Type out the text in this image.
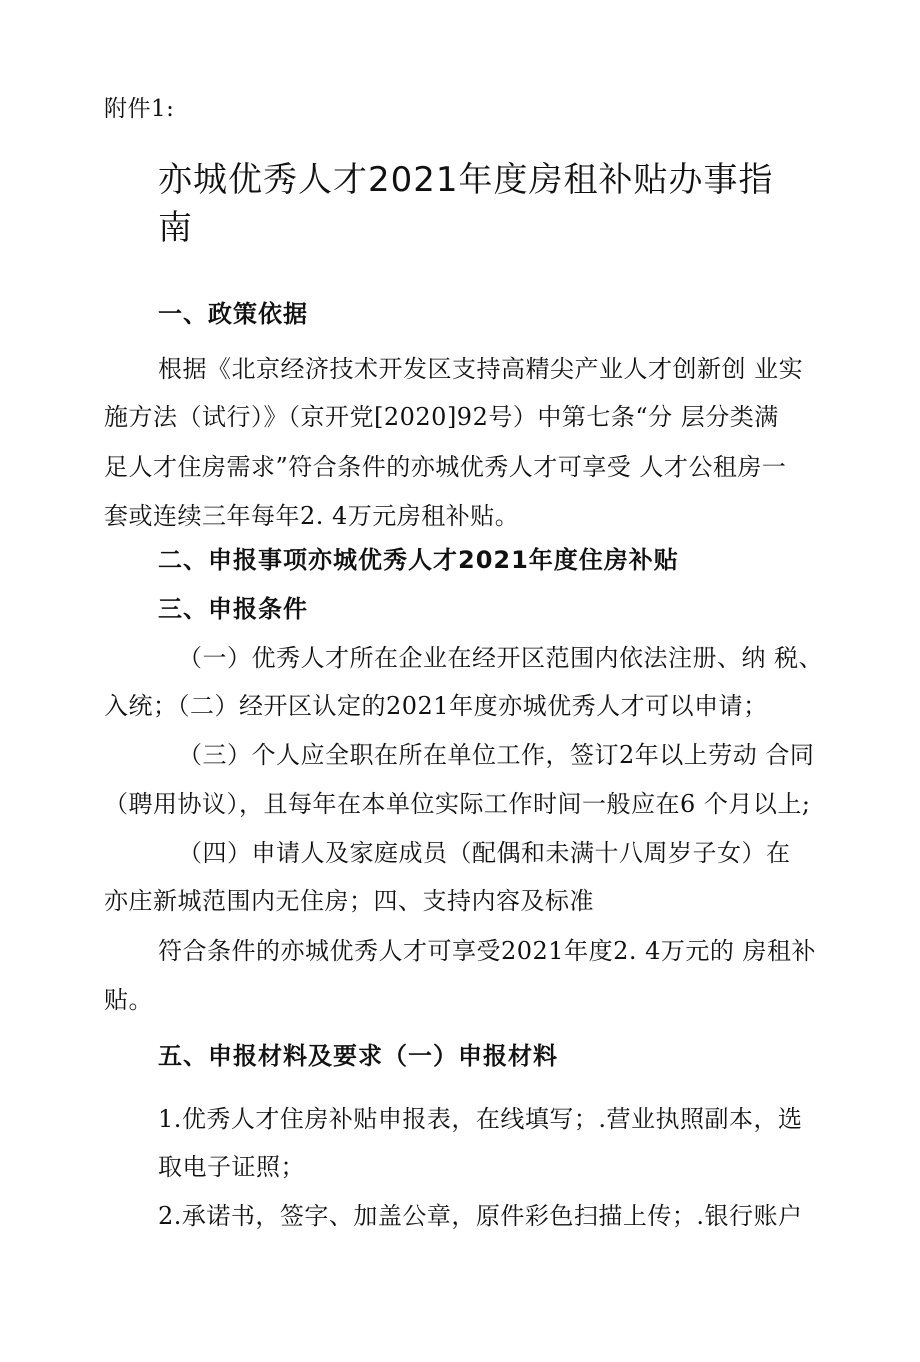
附件1:
亦城优秀人才2021年度房租补贴办事指
南
一、政策依据
根据《北京经济技术开发区支持高精尖产业人才创新创 业实
施方法（试行）》（京开党[2020]92号）中第七条“分 层分类满
足人才住房需求”符合条件的亦城优秀人才可享受 人才公租房一
套或连续三年每年2. 4万元房租补贴。
二、申报事项亦城优秀人才2021年度住房补贴
三、申报条件
（一）优秀人才所在企业在经开区范围内依法注册、纳 税、
入统；（二）经开区认定的2021年度亦城优秀人才可以申请；
（三）个人应全职在所在单位工作，签订2年以上劳动 合同
（聘用协议），且每年在本单位实际工作时间一般应在6 个月以上;
（四）申请人及家庭成员（配偶和未满十八周岁子女）在
亦庄新城范围内无住房；四、支持内容及标准
符合条件的亦城优秀人才可享受2021年度2. 4万元的 房租补
贴。
五、申报材料及要求（一）申报材料
1.优秀人才住房补贴申报表，在线填写；.营业执照副本，选
取电子证照；
2.承诺书，签字、加盖公章，原件彩色扫描上传；.银行账户
